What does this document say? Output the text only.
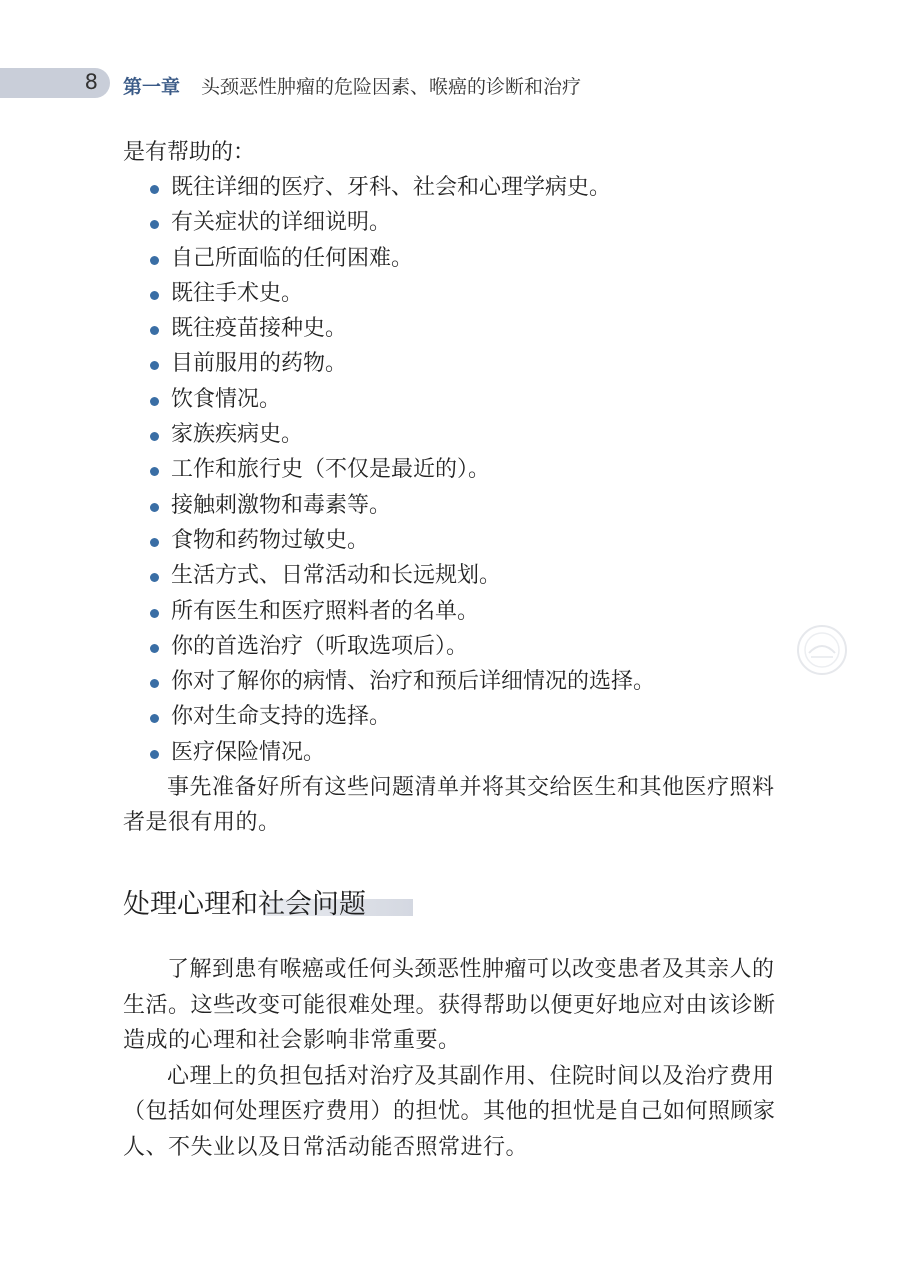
8 第一章 头颈恶性肿瘤的危险因素、喉癌的诊断和治疗

是有帮助的：

既往详细的医疗、牙科、社会和心理学病史。
有关症状的详细说明。
自己所面临的任何困难。
既往手术史。
既往疫苗接种史。
目前服用的药物。
饮食情况。
家族疾病史。
工作和旅行史（不仅是最近的）。
接触刺激物和毒素等。
食物和药物过敏史。
生活方式、日常活动和长远规划。
所有医生和医疗照料者的名单。
你的首选治疗（听取选项后）。
你对了解你的病情、治疗和预后详细情况的选择。
你对生命支持的选择。
医疗保险情况。

事先准备好所有这些问题清单并将其交给医生和其他医疗照料者是很有用的。

处理心理和社会问题

了解到患有喉癌或任何头颈恶性肿瘤可以改变患者及其亲人的生活。这些改变可能很难处理。获得帮助以便更好地应对由该诊断造成的心理和社会影响非常重要。

心理上的负担包括对治疗及其副作用、住院时间以及治疗费用（包括如何处理医疗费用）的担忧。其他的担忧是自己如何照顾家人、不失业以及日常活动能否照常进行。
